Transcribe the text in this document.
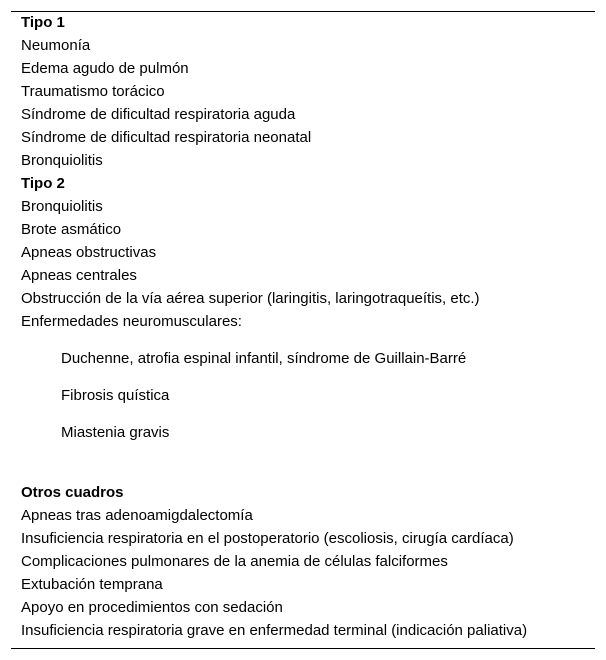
Tipo 1
Neumonía
Edema agudo de pulmón
Traumatismo torácico
Síndrome de dificultad respiratoria aguda
Síndrome de dificultad respiratoria neonatal
Bronquiolitis
Tipo 2
Bronquiolitis
Brote asmático
Apneas obstructivas
Apneas centrales
Obstrucción de la vía aérea superior (laringitis, laringotraqueítis, etc.)
Enfermedades neuromusculares:
Duchenne, atrofia espinal infantil, síndrome de Guillain-Barré
Fibrosis quística
Miastenia gravis
Otros cuadros
Apneas tras adenoamigdalectomía
Insuficiencia respiratoria en el postoperatorio (escoliosis, cirugía cardíaca)
Complicaciones pulmonares de la anemia de células falciformes
Extubación temprana
Apoyo en procedimientos con sedación
Insuficiencia respiratoria grave en enfermedad terminal (indicación paliativa)
